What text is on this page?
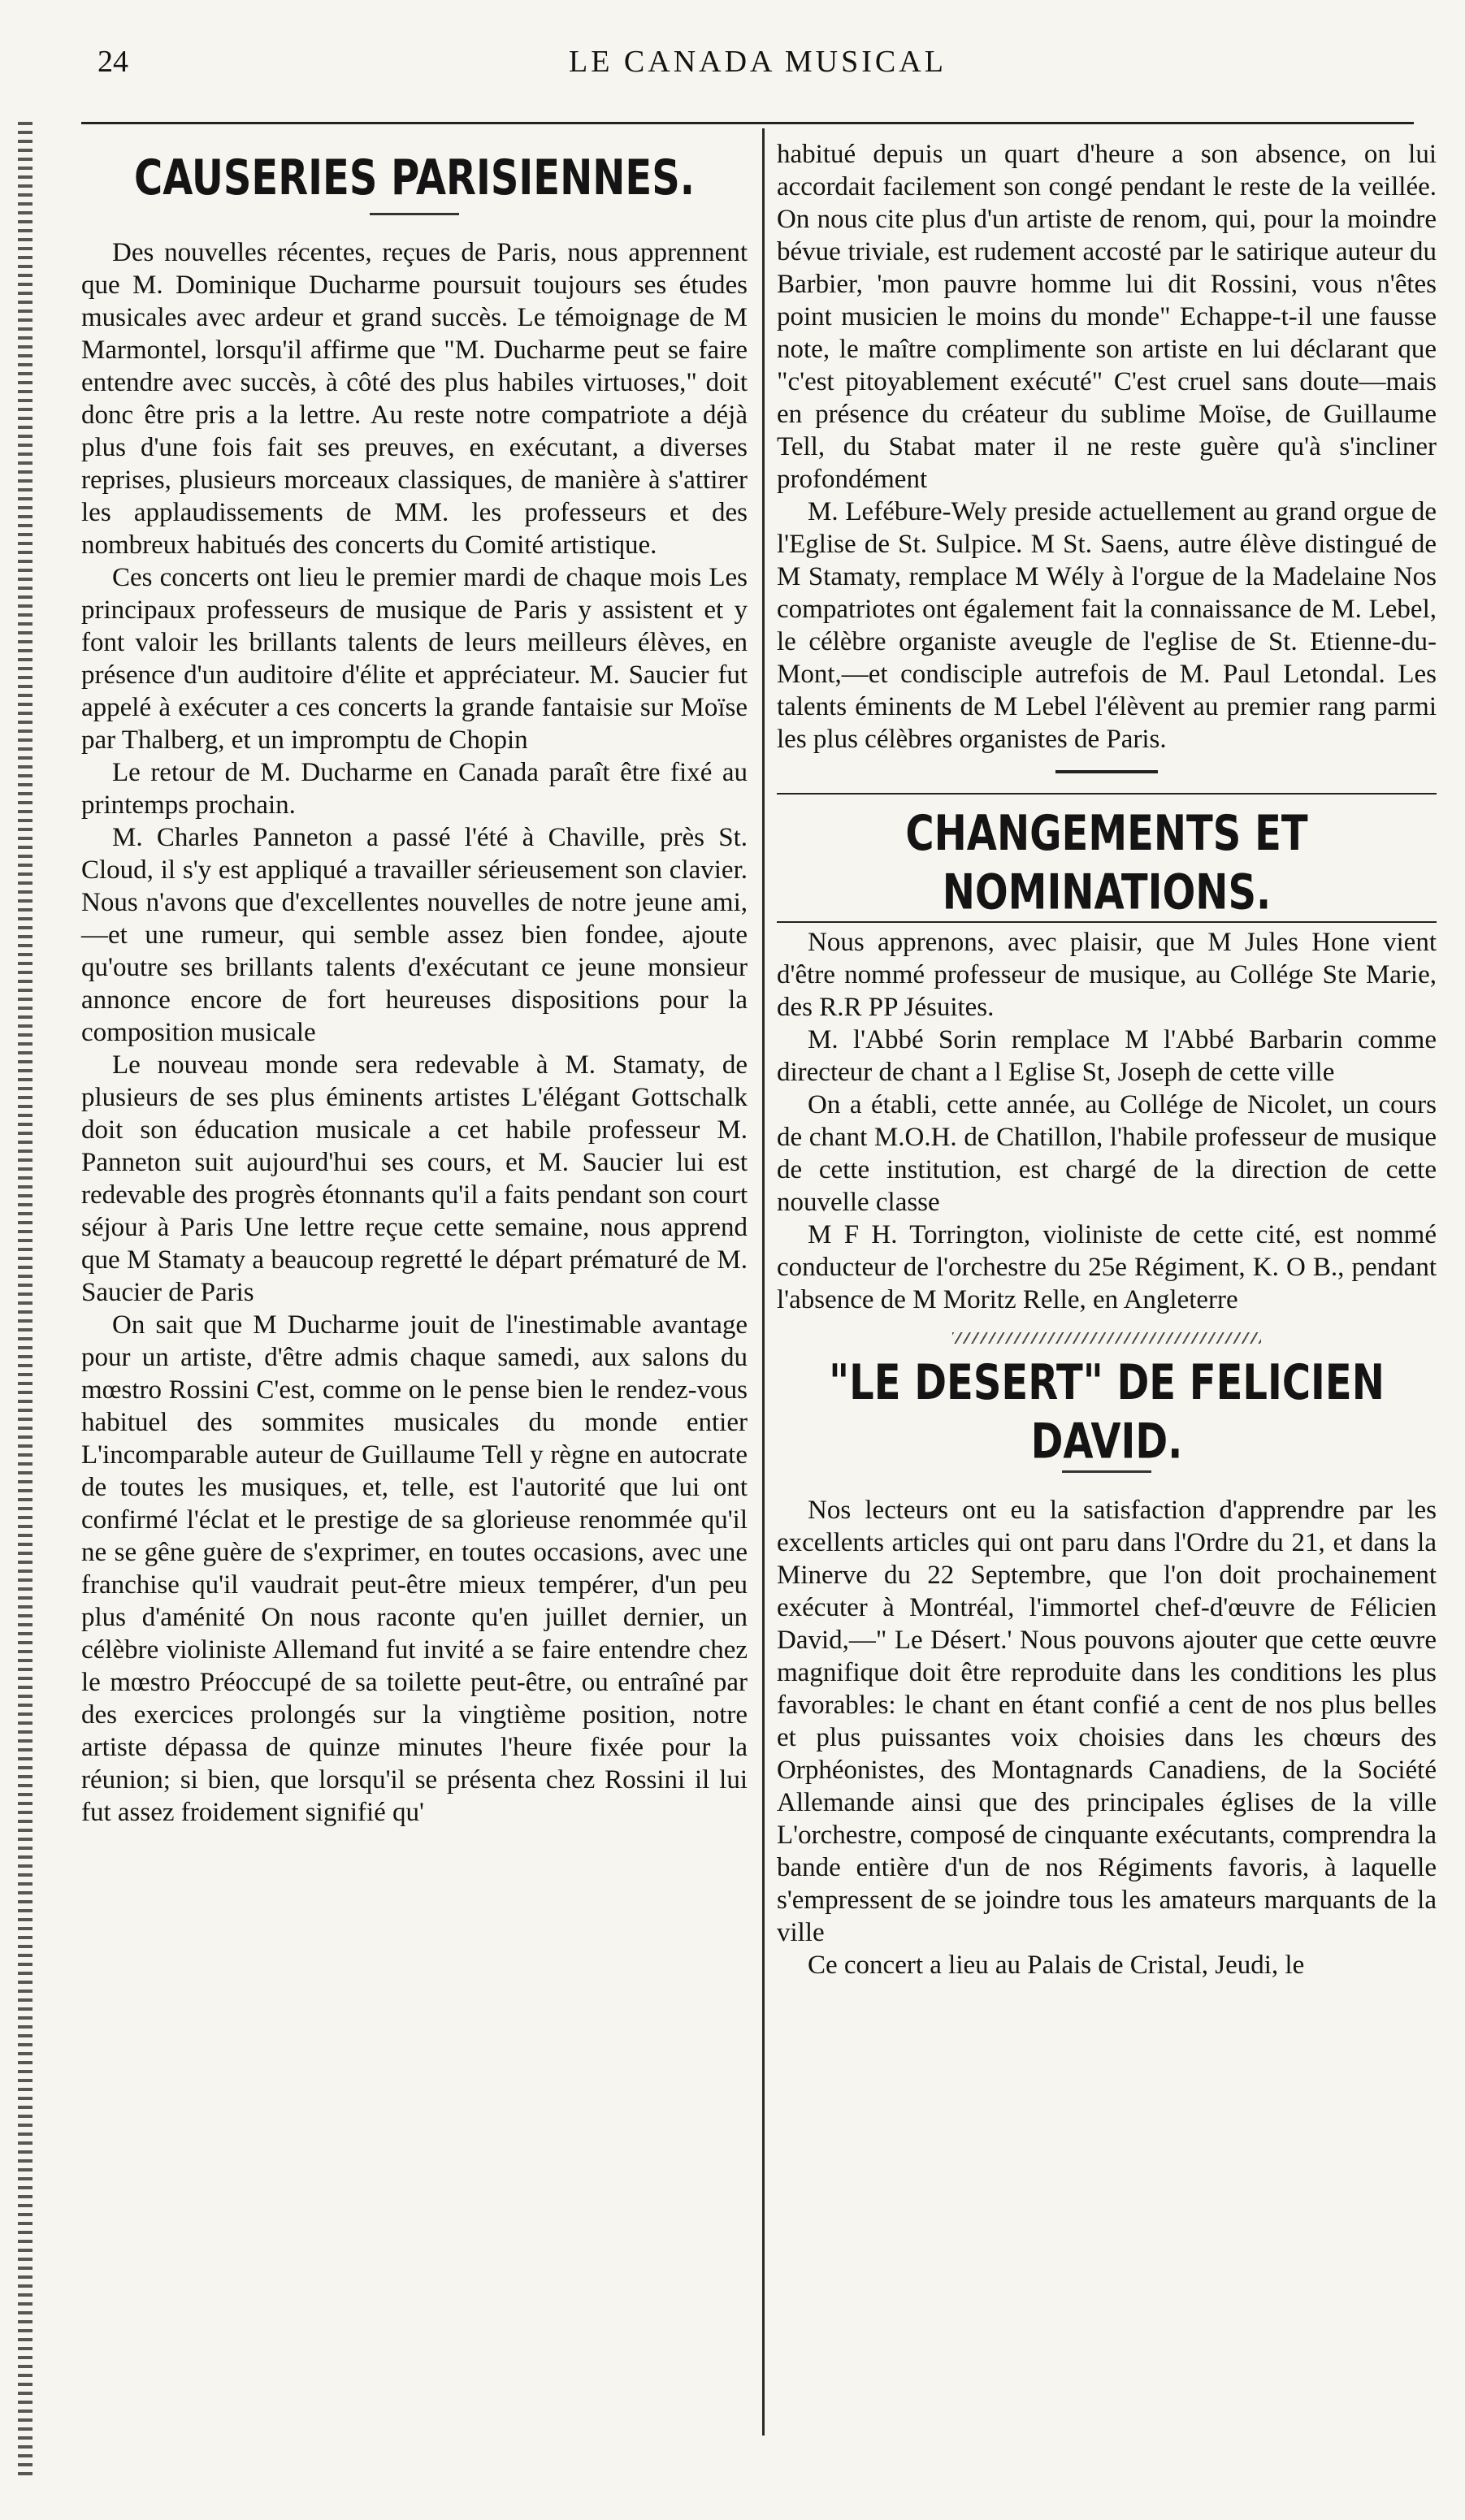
24	LE CANADA MUSICAL
CAUSERIES PARISIENNES.

Des nouvelles récentes, reçues de Paris, nous apprennent que M. Dominique Ducharme poursuit toujours ses études musicales avec ardeur et grand succès. Le témoignage de M Marmontel, lorsqu'il affirme que "M. Ducharme peut se faire entendre avec succès, à côté des plus habiles virtuoses," doit donc être pris a la lettre. Au reste notre compatriote a déjà plus d'une fois fait ses preuves, en exécutant, a diverses reprises, plusieurs morceaux classiques, de manière à s'attirer les applaudissements de MM. les professeurs et des nombreux habitués des concerts du Comité artistique.

Ces concerts ont lieu le premier mardi de chaque mois Les principaux professeurs de musique de Paris y assistent et y font valoir les brillants talents de leurs meilleurs élèves, en présence d'un auditoire d'élite et appréciateur. M. Saucier fut appelé à exécuter a ces concerts la grande fantaisie sur Moïse par Thalberg, et un impromptu de Chopin

Le retour de M. Ducharme en Canada paraît être fixé au printemps prochain.

M. Charles Panneton a passé l'été à Chaville, près St. Cloud, il s'y est appliqué a travailler sérieusement son clavier. Nous n'avons que d'excellentes nouvelles de notre jeune ami,—et une rumeur, qui semble assez bien fondee, ajoute qu'outre ses brillants talents d'exécutant ce jeune monsieur annonce encore de fort heureuses dispositions pour la composition musicale

Le nouveau monde sera redevable à M. Stamaty, de plusieurs de ses plus éminents artistes L'élégant Gottschalk doit son éducation musicale a cet habile professeur M. Panneton suit aujourd'hui ses cours, et M. Saucier lui est redevable des progrès étonnants qu'il a faits pendant son court séjour à Paris Une lettre reçue cette semaine, nous apprend que M Stamaty a beaucoup regretté le départ prématuré de M. Saucier de Paris

On sait que M Ducharme jouit de l'inestimable avantage pour un artiste, d'être admis chaque samedi, aux salons du mœstro Rossini C'est, comme on le pense bien le rendez-vous habituel des sommites musicales du monde entier L'incomparable auteur de Guillaume Tell y règne en autocrate de toutes les musiques, et, telle, est l'autorité que lui ont confirmé l'éclat et le prestige de sa glorieuse renommée qu'il ne se gêne guère de s'exprimer, en toutes occasions, avec une franchise qu'il vaudrait peut-être mieux tempérer, d'un peu plus d'aménité On nous raconte qu'en juillet dernier, un célèbre violiniste Allemand fut invité a se faire entendre chez le mœstro Préoccupé de sa toilette peut-être, ou entraîné par des exercices prolongés sur la vingtième position, notre artiste dépassa de quinze minutes l'heure fixée pour la réunion; si bien, que lorsqu'il se présenta chez Rossini il lui fut assez froidement signifié qu'

habitué depuis un quart d'heure a son absence, on lui accordait facilement son congé pendant le reste de la veillée. On nous cite plus d'un artiste de renom, qui, pour la moindre bévue triviale, est rudement accosté par le satirique auteur du Barbier, 'mon pauvre homme lui dit Rossini, vous n'êtes point musicien le moins du monde" Echappe-t-il une fausse note, le maître complimente son artiste en lui déclarant que "c'est pitoyablement exécuté" C'est cruel sans doute—mais en présence du créateur du sublime Moïse, de Guillaume Tell, du Stabat mater il ne reste guère qu'à s'incliner profondément

M. Lefébure-Wely preside actuellement au grand orgue de l'Eglise de St. Sulpice. M St. Saens, autre élève distingué de M Stamaty, remplace M Wély à l'orgue de la Madelaine Nos compatriotes ont également fait la connaissance de M. Lebel, le célèbre organiste aveugle de l'eglise de St. Etienne-du-Mont,—et condisciple autrefois de M. Paul Letondal. Les talents éminents de M Lebel l'élèvent au premier rang parmi les plus célèbres organistes de Paris.

CHANGEMENTS ET NOMINATIONS.

Nous apprenons, avec plaisir, que M Jules Hone vient d'être nommé professeur de musique, au Collége Ste Marie, des R.R PP Jésuites.

M. l'Abbé Sorin remplace M l'Abbé Barbarin comme directeur de chant a l Eglise St, Joseph de cette ville

On a établi, cette année, au Collége de Nicolet, un cours de chant M.O.H. de Chatillon, l'habile professeur de musique de cette institution, est chargé de la direction de cette nouvelle classe

M F H. Torrington, violiniste de cette cité, est nommé conducteur de l'orchestre du 25e Régiment, K. O B., pendant l'absence de M Moritz Relle, en Angleterre

"LE DESERT" DE FELICIEN DAVID.

Nos lecteurs ont eu la satisfaction d'apprendre par les excellents articles qui ont paru dans l'Ordre du 21, et dans la Minerve du 22 Septembre, que l'on doit prochainement exécuter à Montréal, l'immortel chef-d'œuvre de Félicien David,—" Le Désert.' Nous pouvons ajouter que cette œuvre magnifique doit être reproduite dans les conditions les plus favorables: le chant en étant confié a cent de nos plus belles et plus puissantes voix choisies dans les chœurs des Orphéonistes, des Montagnards Canadiens, de la Société Allemande ainsi que des principales églises de la ville L'orchestre, composé de cinquante exécutants, comprendra la bande entière d'un de nos Régiments favoris, à laquelle s'empressent de se joindre tous les amateurs marquants de la ville

Ce concert a lieu au Palais de Cristal, Jeudi, le
